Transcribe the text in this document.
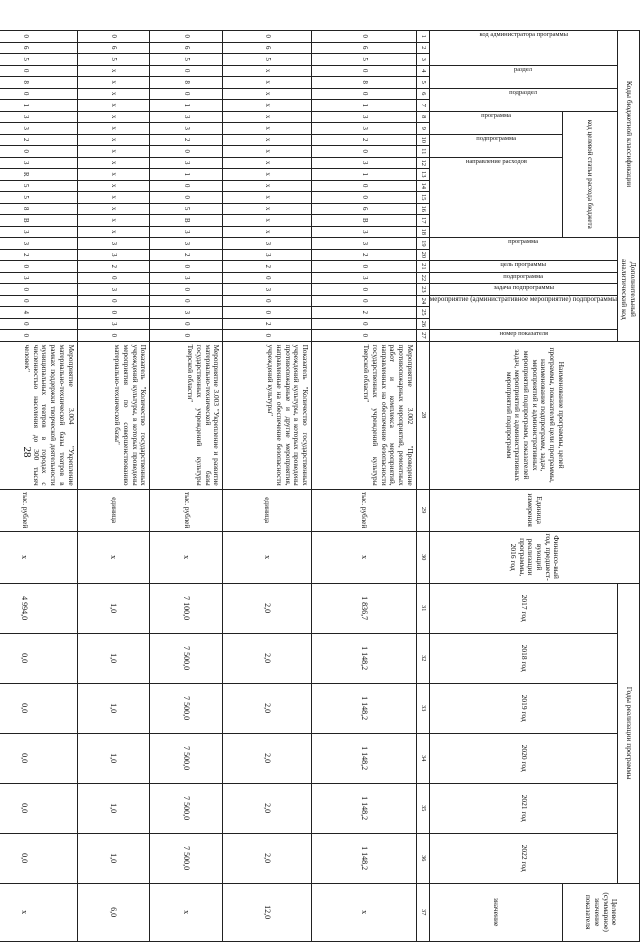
28
Коды бюджетной классификации																		Дополнительный аналитический код									Наименование программы, целей программы, показателей цели программы, наименование подпрограмм, задач, мероприятий и административных мероприятий подпрограмм, показателей задач, мероприятий и административных мероприятий подпрограмм	Единица измерения	Финансо-вый год, предшест-вующий реализации программы, 2016 год	Годы реализации программы						Целевое (суммарное) значение показателя

код администратора программы			раздел		подраздел		код целевой статьи расхода бюджета											программа		цель программы	подпрограмма	задача подпрограммы	мероприятие (административное мероприятие) подпрограммы			номер показателя				2017 год	2018 год	2019 год	2020 год	2021 год	2022 год	

							программа		подпрограмма		направление расходов																									значение
1	2	3	4	5	6	7	8	9	10	11	12	13	14	15	16	17	18	19	20	21	22	23	24	25	26	27	28	29	30	31	32	33	34	35	36	37
0	6	5	0	8	0	1	3	3	2	0	3	1	0	0	6	B	3	3	2	0	3	0	0	2	0	0	Мероприятие 3.002 "Проведение противопожарных мероприятий, ремонтных работ и комплекса мероприятий, направленных на обеспечение безопасности государственных учреждений культуры Тверской области"	тыс. рублей	х	1 836,7	1 148,2	1 148,2	1 148,2	1 148,2	1 148,2	х
0	6	5	х	х	х	х	х	х	х	х	х	х	х	х	х	х	х	3	3	2	0	3	0	0	2	0	Показатель "Количество государственных учреждений культуры, в которых проведены противопожарные и другие мероприятия, направленные на обеспечение безопасности учреждений культуры"	единица	х	2,0	2,0	2,0	2,0	2,0	2,0	12,0
0	6	5	0	8	0	1	3	3	2	0	3	1	0	0	5	B	3	3	2	0	3	0	0	3	0	0	Мероприятие 3.003 "Укрепление и развитие материально-технической базы государственных учреждений культуры Тверской области"	тыс. рублей	х	7 100,0	7 500,0	7 500,0	7 500,0	7 500,0	7 500,0	х
0	6	5	х	х	х	х	х	х	х	х	х	х	х	х	х	х	х	3	3	2	0	3	0	0	3	0	Показатель "Количество государственных учреждений культуры, в которых проведены мероприятия по совершенствованию материально-технической базы"	единица	х	1,0	1,0	1,0	1,0	1,0	1,0	6,0
0	6	5	0	8	0	1	3	3	2	0	3	R	5	5	8	B	3	3	2	0	3	0	0	4	0	0	Мероприятие 3.004 "Укрепление материально-технической базы театров в рамках поддержки творческой деятельности муниципальных театров в городах с численностью населения до 300 тысяч человек"	тыс. рублей	х	4 994,0	0,0	0,0	0,0	0,0	0,0	х
